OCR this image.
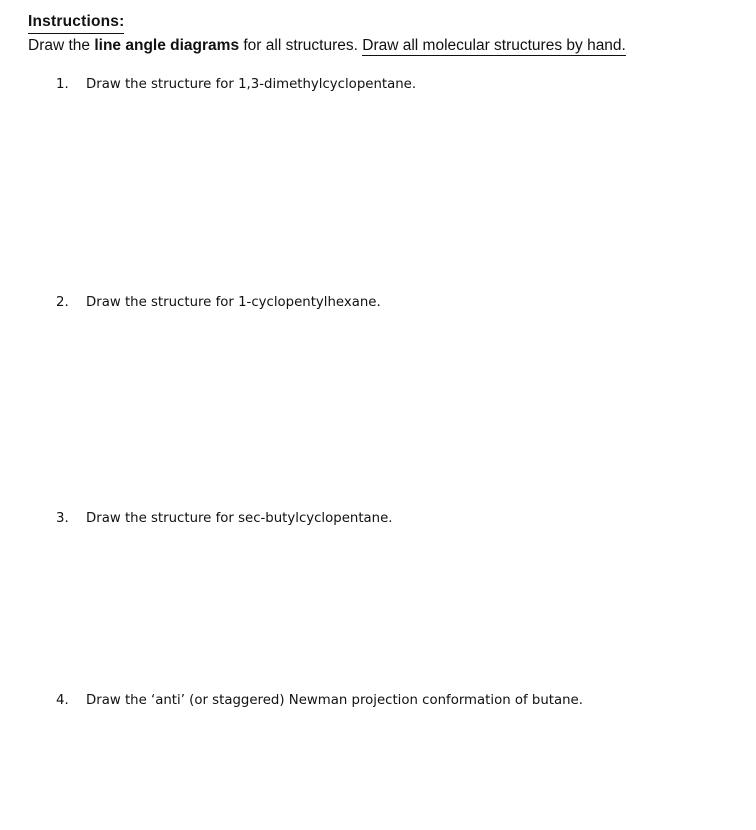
Instructions:
Draw the line angle diagrams for all structures. Draw all molecular structures by hand.
1. Draw the structure for 1,3-dimethylcyclopentane.
2. Draw the structure for 1-cyclopentylhexane.
3. Draw the structure for sec-butylcyclopentane.
4. Draw the ‘anti’ (or staggered) Newman projection conformation of butane.
